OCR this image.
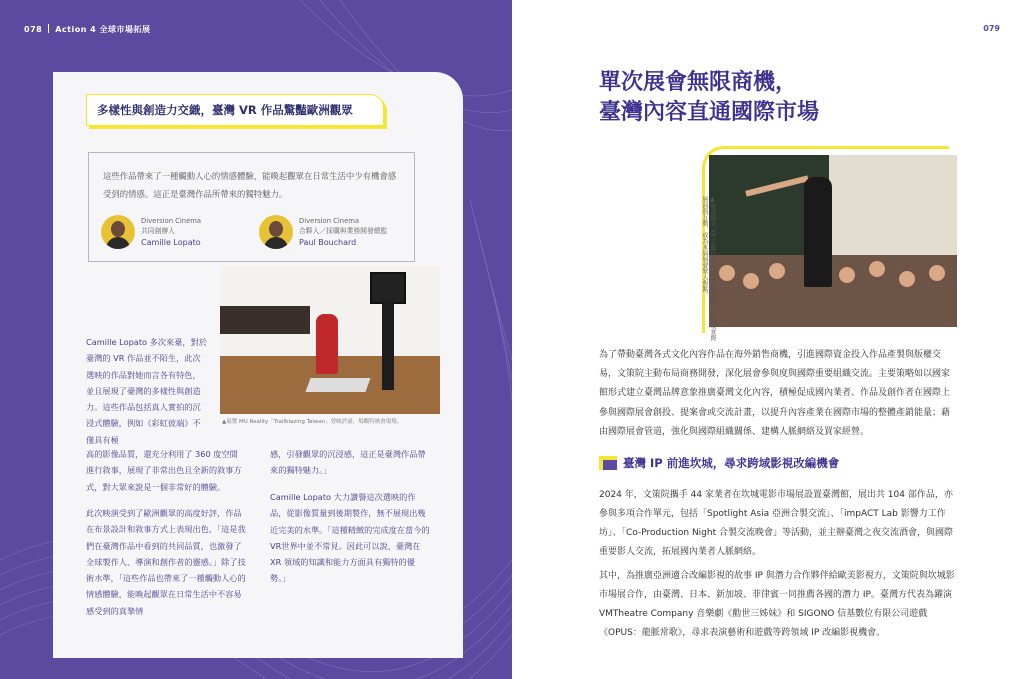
078 Action 4 全球市場拓展
多樣性與創造力交織，臺灣 VR 作品驚豔歐洲觀眾
這些作品帶來了一種觸動人心的情感體驗，能喚起觀眾在日常生活中少有機會感受到的情感。這正是臺灣作品所帶來的獨特魅力。
Diversion Cinema
共同創辦人
Camille Lopato
Diversion Cinema
合夥人／採購與業務開發總監
Paul Bouchard
▲展覽 MU Reality「Trailblazing Taiwan」曾映於臺，場觀特映會現場。

Camille Lopato 多次來臺，對於臺灣的 VR 作品並不陌生，此次選映的作品對她而言各有特色，並且展現了臺灣的多樣性與創造力。這些作品包括真人實拍的沉浸式體驗，例如《彩虹彼端》不僅具有極

高的影像品質，還充分利用了 360 度空間進行敘事，展現了非常出色且全新的敘事方式，對大眾來說是一個非常好的體驗。

此次映演受到了歐洲觀眾的高度好評，作品在布景設計和敘事方式上表現出色，「這是我們在臺灣作品中看到的共同品質，也激發了全球製作人、導演和創作者的靈感。」除了技術水準，「這些作品也帶來了一種觸動人心的情感體驗，能喚起觀眾在日常生活中不容易感受到的真摯情

感，引發觀眾的沉浸感，這正是臺灣作品帶來的獨特魅力。」

Camille Lopato 大力讚譽這次選映的作品，從影像質量到後期製作，無不展現出幾近完美的水準。「這種精緻的完成度在當今的VR世界中並不常見。因此可以說，臺灣在 XR 領域的知識和能力方面具有獨特的優勢。」

079
單次展會無限商機，
臺灣內容直通國際市場
▲聚焦陽光 XR 互動作品《與雨你的間隔》於現場實際展演與互動，成為本屆展會眾人焦點。

為了帶動臺灣各式文化內容作品在海外銷售商機，引進國際資金投入作品產製與版權交易，文策院主動布局商務開發，深化展會參與度與國際重要組織交流。主要策略如以國家館形式建立臺灣品牌意象推廣臺灣文化內容，積極促成國內業者、作品及創作者在國際上參與國際展會創投、提案會或交流計畫，以提升內容產業在國際市場的整體產銷能量；藉由國際展會管道，強化與國際組織關係、建構人脈網絡及買家經營。

臺灣 IP 前進坎城，尋求跨域影視改編機會

2024 年，文策院攜手 44 家業者在坎城電影市場展設置臺灣館，展出共 104 部作品，亦參與多項合作單元，包括「Spotlight Asia 亞洲合製交流」、「impACT Lab 影響力工作坊」、「Co-Production Night 合製交流晚會」等活動，並主辦臺灣之夜交流酒會，與國際重要影人交流，拓展國內業者人脈網絡。

其中，為推廣亞洲適合改編影視的故事 IP 與潛力合作夥伴給歐美影視方，文策院與坎城影市場展合作，由臺灣、日本、新加坡、菲律賓一同推薦各國的潛力 IP。臺灣方代表為躍演 VMTheatre Company 音樂劇《勸世三姊妹》和 SIGONO 信基數位有限公司遊戲《OPUS：龍脈常歌》，尋求表演藝術和遊戲等跨領域 IP 改編影視機會。
